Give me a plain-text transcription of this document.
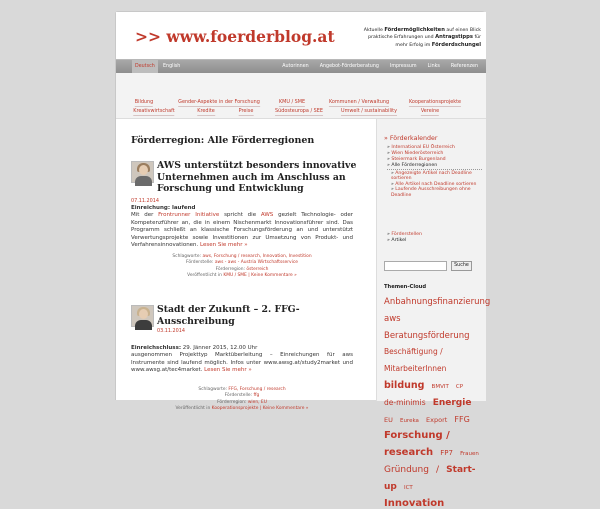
>> www.foerderblog.at	Aktuelle Fördermöglichkeiten auf einen Blick
praktische Erfahrungen und Antragstipps für
mehr Erfolg im Förderdschungel
Deutsch	English	Autorinnen Angebot-Förderberatung Impressum Links Referenzen
Bildung	Gender-Aspekte in der Forschung	KMU / SME	Kommunen / Verwaltung	Kooperationsprojekte
Kreativwirtschaft	Kredite	Preise	Südosteuropa / SEE	Umwelt / sustainability	Vereine
Förderregion: Alle Förderregionen
AWS unterstützt besonders innovative Unternehmen auch im Anschluss an Forschung und Entwicklung
07.11.2014
Einreichung: laufend
Mit der Frontrunner Initiative spricht die AWS gezielt Technologie- oder Kompetenzführer an, die in einem Nischenmarkt Innovationsführer sind. Das Programm schließt an klassische Forschungsförderung an und unterstützt Verwertungsprojekte sowie Investitionen zur Umsetzung von Produkt- und Verfahrensinnovationen. Lesen Sie mehr »
Schlagworte: aws, Forschung / research, Innovation, Investition
Förderstelle: aws - aws - Austria Wirtschaftsservice
Förderregion: österreich
Veröffentlicht in KMU / SME | Keine Kommentare »
Stadt der Zukunft – 2. FFG-Ausschreibung
03.11.2014
Einreichschluss: 29. Jänner 2015, 12.00 Uhr
ausgenommen Projekttyp Marktüberleitung – Einreichungen für aws Instrumente sind laufend möglich. Infos unter www.awsg.at/study2market und www.awsg.at/tec4market. Lesen Sie mehr »
Schlagworte: FFG, Forschung / research
Förderstelle: ffg
Förderregion: wien, EU
Veröffentlicht in Kooperationsprojekte | Keine Kommentare »
» Förderkalender
» International EU Österreich
» Wien Niederösterreich
» Steiermark Burgenland
» Alle Förderregionen
» Angezeigte Artikel nach Deadline sortieren
» Alle Artikel nach Deadline sortieren
» Laufende Ausschreibungen ohne Deadline
» Förderstellen
» Artikel
Suche
Themen-Cloud
Anbahnungsfinanzierung aws Beratungsförderung Beschäftigung / MitarbeiterInnen bildung BMVIT CP de-minimis Energie EU Eureka Export FFG Forschung / research FP7 Frauen Gründung / Start-up ICT Innovation
